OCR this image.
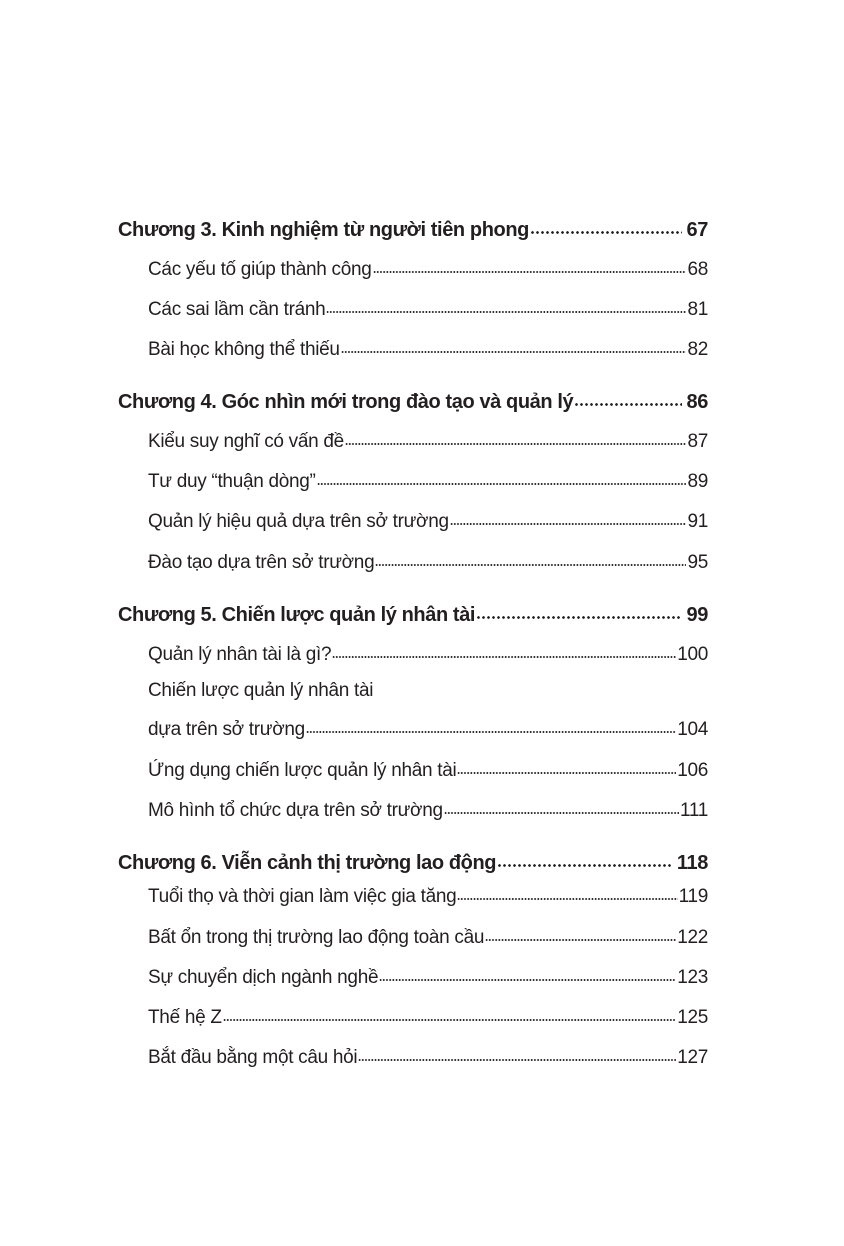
Chương 3. Kinh nghiệm từ người tiên phong	67
Các yếu tố giúp thành công	68
Các sai lầm cần tránh	81
Bài học không thể thiếu	82
Chương 4. Góc nhìn mới trong đào tạo và quản lý	86
Kiểu suy nghĩ có vấn đề	87
Tư duy “thuận dòng”	89
Quản lý hiệu quả dựa trên sở trường	91
Đào tạo dựa trên sở trường	95
Chương 5. Chiến lược quản lý nhân tài	99
Quản lý nhân tài là gì?	100
Chiến lược quản lý nhân tài
dựa trên sở trường	104
Ứng dụng chiến lược quản lý nhân tài	106
Mô hình tổ chức dựa trên sở trường	111
Chương 6. Viễn cảnh thị trường lao động	118
Tuổi thọ và thời gian làm việc gia tăng	119
Bất ổn trong thị trường lao động toàn cầu	122
Sự chuyển dịch ngành nghề	123
Thế hệ Z	125
Bắt đầu bằng một câu hỏi	127
